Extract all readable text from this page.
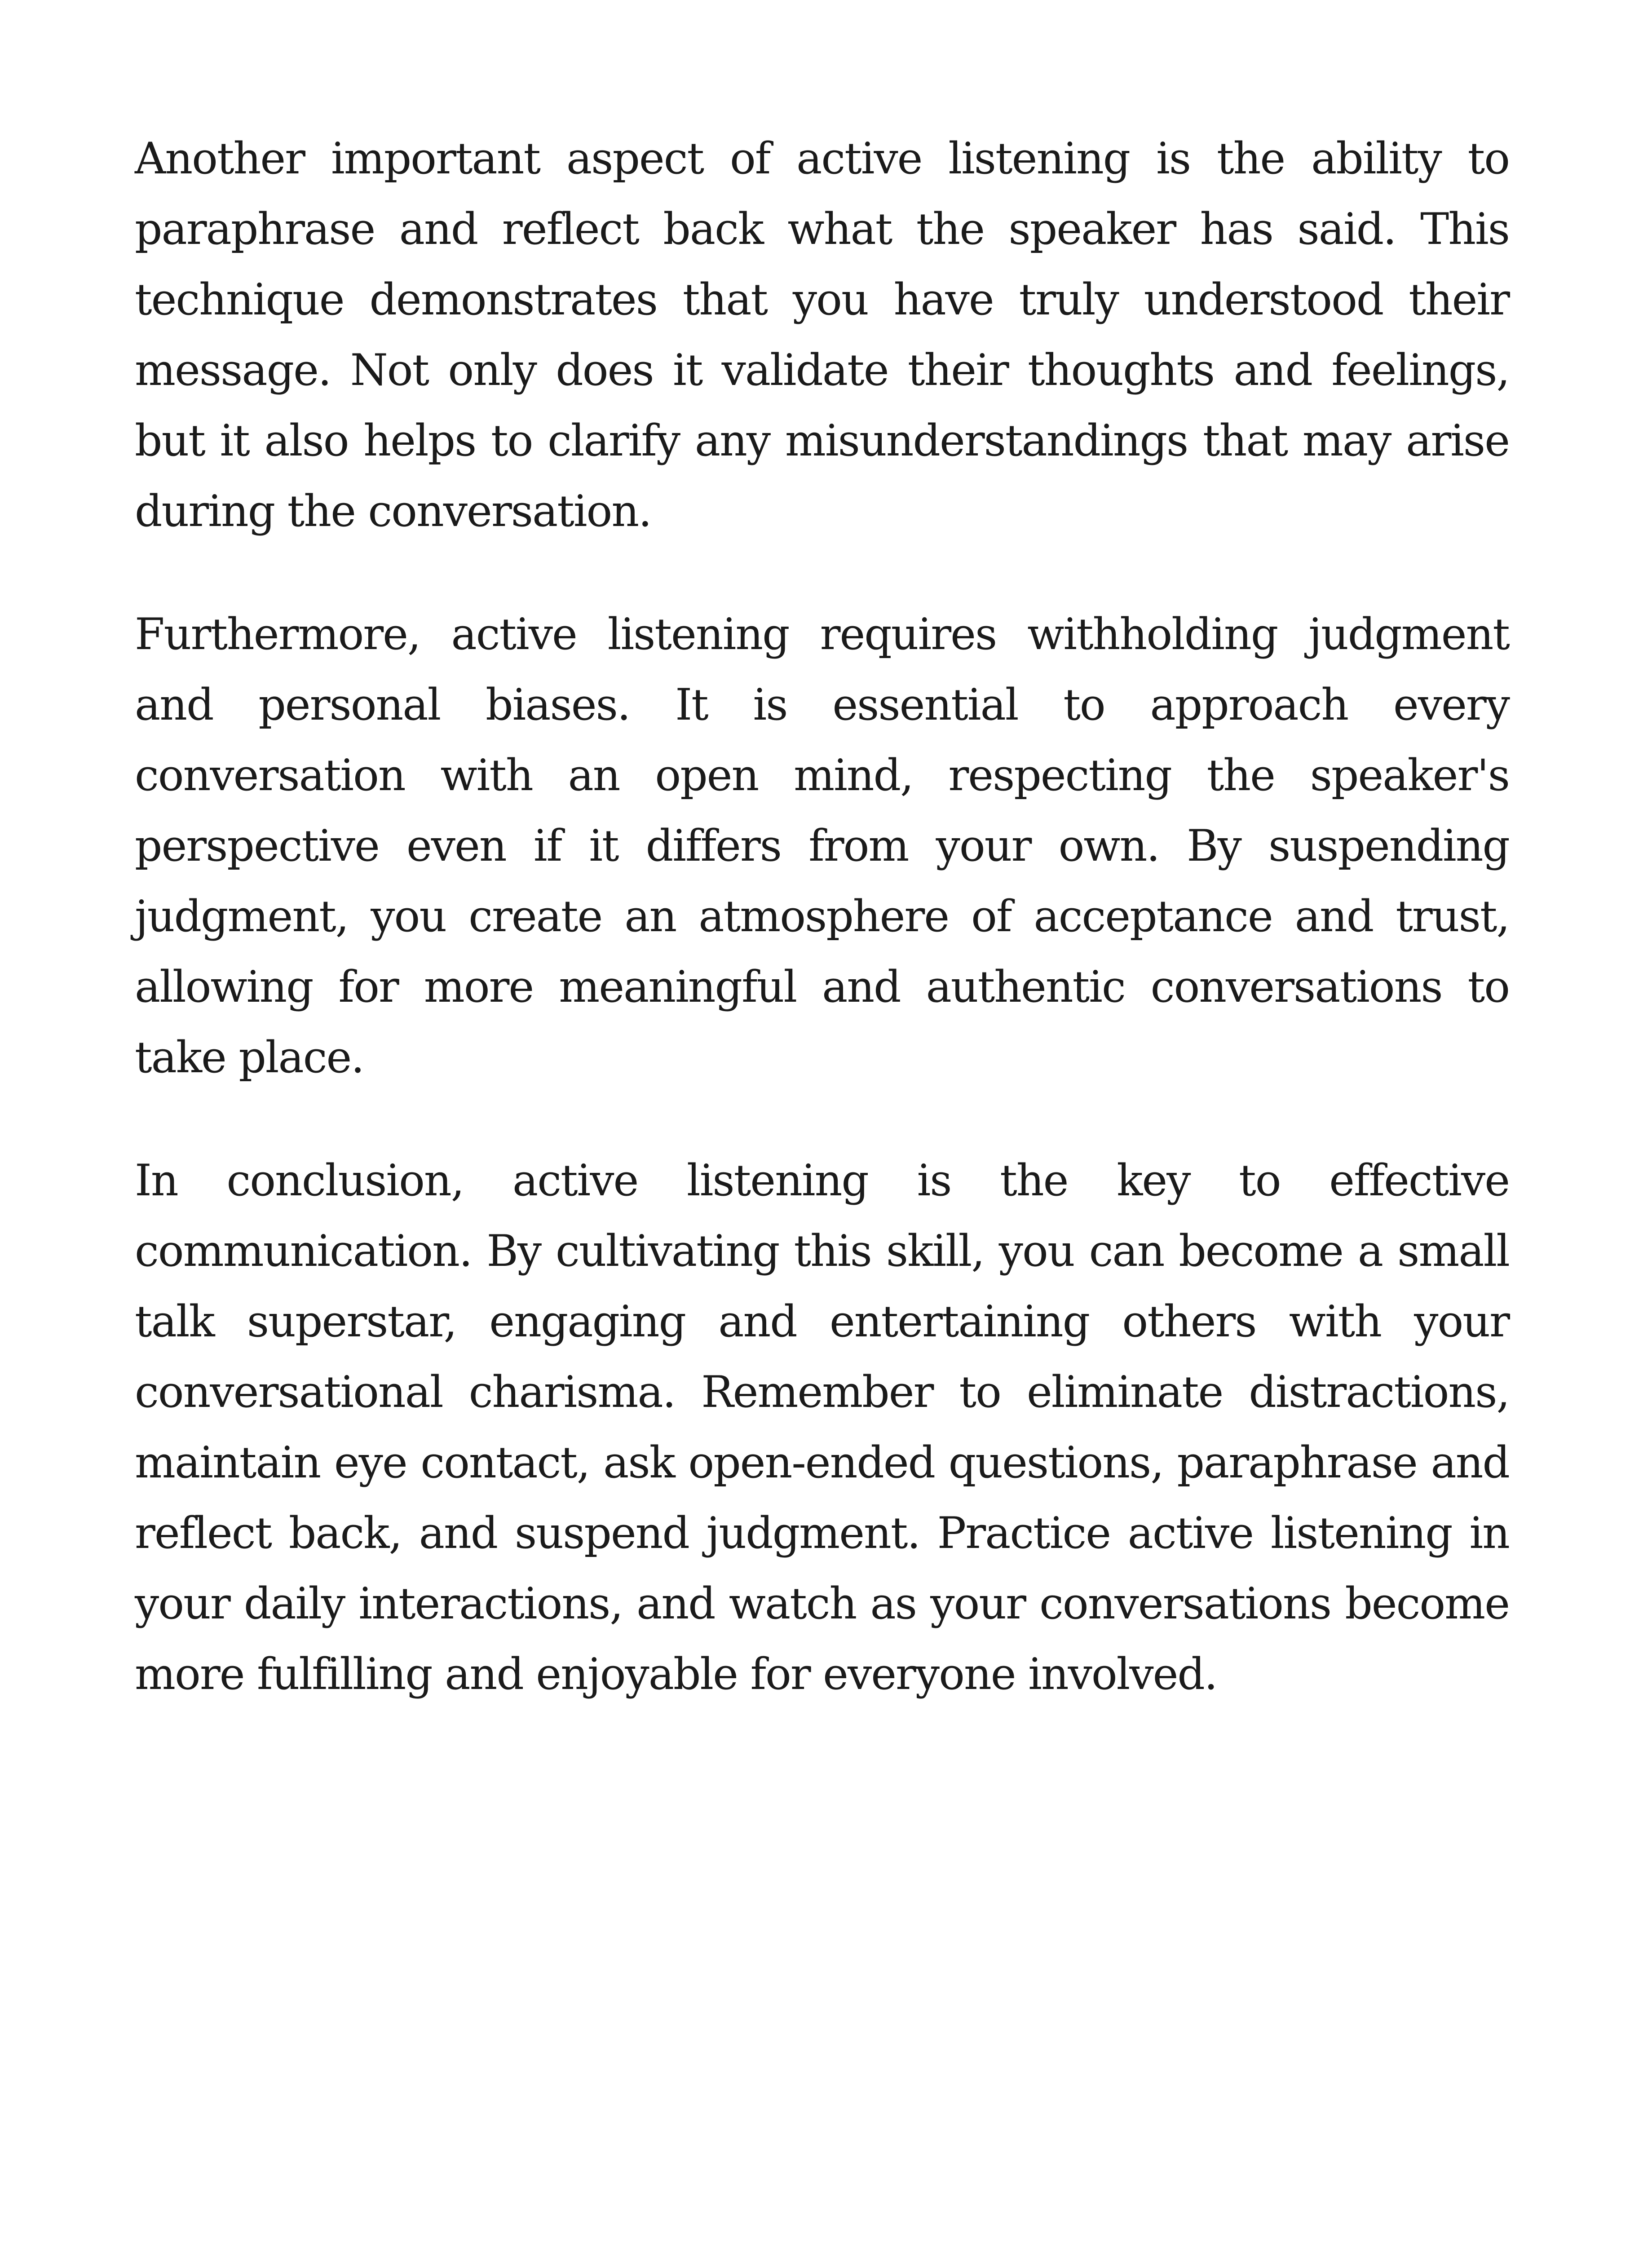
Another important aspect of active listening is the ability to paraphrase and reflect back what the speaker has said. This technique demonstrates that you have truly understood their message. Not only does it validate their thoughts and feelings, but it also helps to clarify any misunderstandings that may arise during the conversation.

Furthermore, active listening requires withholding judgment and personal biases. It is essential to approach every conversation with an open mind, respecting the speaker's perspective even if it differs from your own. By suspending judgment, you create an atmosphere of acceptance and trust, allowing for more meaningful and authentic conversations to take place.

In conclusion, active listening is the key to effective communication. By cultivating this skill, you can become a small talk superstar, engaging and entertaining others with your conversational charisma. Remember to eliminate distractions, maintain eye contact, ask open-ended questions, paraphrase and reflect back, and suspend judgment. Practice active listening in your daily interactions, and watch as your conversations become more fulfilling and enjoyable for everyone involved.
